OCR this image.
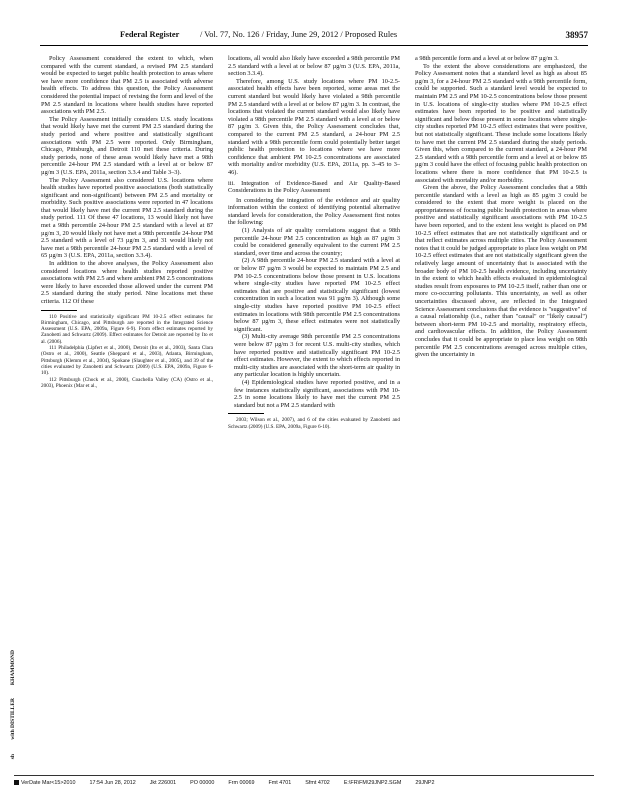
Federal Register / Vol. 77, No. 126 / Friday, June 29, 2012 / Proposed Rules	38957

Policy Assessment considered the extent to which, when compared with the current standard, a revised PM 2.5 standard would be expected to target public health protection to areas where we have more confidence that PM 2.5 is associated with adverse health effects. To address this question, the Policy Assessment considered the potential impact of revising the form and level of the PM 2.5 standard in locations where health studies have reported associations with PM 2.5.

The Policy Assessment initially considers U.S. study locations that would likely have met the current PM 2.5 standard during the study period and where positive and statistically significant associations with PM 2.5 were reported. Only Birmingham, Chicago, Pittsburgh, and Detroit 110 met these criteria. During study periods, none of these areas would likely have met a 98th percentile 24-hour PM 2.5 standard with a level at or below 87 µg/m 3 (U.S. EPA, 2011a, section 3.3.4 and Table 3–3).

The Policy Assessment also considered U.S. locations where health studies have reported positive associations (both statistically significant and non-significant) between PM 2.5 and mortality or morbidity. Such positive associations were reported in 47 locations that would likely have met the current PM 2.5 standard during the study period. 111 Of these 47 locations, 13 would likely not have met a 98th percentile 24-hour PM 2.5 standard with a level at 87 µg/m 3, 20 would likely not have met a 98th percentile 24-hour PM 2.5 standard with a level of 73 µg/m 3, and 31 would likely not have met a 98th percentile 24-hour PM 2.5 standard with a level of 65 µg/m 3 (U.S. EPA, 2011a, section 3.3.4).

In addition to the above analyses, the Policy Assessment also considered locations where health studies reported positive associations with PM 2.5 and where ambient PM 2.5 concentrations were likely to have exceeded those allowed under the current PM 2.5 standard during the study period. Nine locations met these criteria. 112 Of these

110 Positive and statistically significant PM 10-2.5 effect estimates for Birmingham, Chicago, and Pittsburgh are reported in the Integrated Science Assessment (U.S. EPA, 2009a, Figure 6-9). From effect estimates reported by Zanobetti and Schwartz (2009). Effect estimates for Detroit are reported by Ito et al. (2006).

111 Philadelphia (Lipfert et al., 2000), Detroit (Ito et al., 2003), Santa Clara (Ostro et al., 2000), Seattle (Sheppard et al., 2003), Atlanta, Birmingham, Pittsburgh (Klemm et al., 2004), Spokane (Slaughter et al., 2005), and 39 of the cities evaluated by Zanobetti and Schwartz (2009) (U.S. EPA, 2009a, Figure 6-10).

112 Pittsburgh (Chock et al., 2000), Coachella Valley (CA) (Ostro et al., 2003), Phoenix (Mar et al.,

locations, all would also likely have exceeded a 98th percentile PM 2.5 standard with a level at or below 87 µg/m 3 (U.S. EPA, 2011a, section 3.3.4).

Therefore, among U.S. study locations where PM 10-2.5-associated health effects have been reported, some areas met the current standard but would likely have violated a 98th percentile PM 2.5 standard with a level at or below 87 µg/m 3. In contrast, the locations that violated the current standard would also likely have violated a 98th percentile PM 2.5 standard with a level at or below 87 µg/m 3. Given this, the Policy Assessment concludes that, compared to the current PM 2.5 standard, a 24-hour PM 2.5 standard with a 98th percentile form could potentially better target public health protection to locations where we have more confidence that ambient PM 10-2.5 concentrations are associated with mortality and/or morbidity (U.S. EPA, 2011a, pp. 3–45 to 3–46).

iii. Integration of Evidence-Based and Air Quality-Based Considerations in the Policy Assessment

In considering the integration of the evidence and air quality information within the context of identifying potential alternative standard levels for consideration, the Policy Assessment first notes the following:

(1) Analysis of air quality correlations suggest that a 98th percentile 24-hour PM 2.5 concentration as high as 87 µg/m 3 could be considered generally equivalent to the current PM 2.5 standard, over time and across the country;

(2) A 98th percentile 24-hour PM 2.5 standard with a level at or below 87 µg/m 3 would be expected to maintain PM 2.5 and PM 10-2.5 concentrations below those present in U.S. locations where single-city studies have reported PM 10-2.5 effect estimates that are positive and statistically significant (lowest concentration in such a location was 91 µg/m 3). Although some single-city studies have reported positive PM 10-2.5 effect estimates in locations with 98th percentile PM 2.5 concentrations below 87 µg/m 3, these effect estimates were not statistically significant.

(3) Multi-city average 98th percentile PM 2.5 concentrations were below 87 µg/m 3 for recent U.S. multi-city studies, which have reported positive and statistically significant PM 10-2.5 effect estimates. However, the extent to which effects reported in multi-city studies are associated with the short-term air quality in any particular location is highly uncertain.

(4) Epidemiological studies have reported positive, and in a few instances statistically significant, associations with PM 10-2.5 in some locations likely to have met the current PM 2.5 standard but not a PM 2.5 standard with

2003; Wilson et al., 2007), and 6 of the cities evaluated by Zanobetti and Schwartz (2009) (U.S. EPA, 2009a, Figure 6-10).

a 98th percentile form and a level at or below 87 µg/m 3.

To the extent the above considerations are emphasized, the Policy Assessment notes that a standard level as high as about 85 µg/m 3, for a 24-hour PM 2.5 standard with a 98th percentile form, could be supported. Such a standard level would be expected to maintain PM 2.5 and PM 10-2.5 concentrations below those present in U.S. locations of single-city studies where PM 10-2.5 effect estimates have been reported to be positive and statistically significant and below those present in some locations where single-city studies reported PM 10-2.5 effect estimates that were positive, but not statistically significant. These include some locations likely to have met the current PM 2.5 standard during the study periods. Given this, when compared to the current standard, a 24-hour PM 2.5 standard with a 98th percentile form and a level at or below 85 µg/m 3 could have the effect of focusing public health protection on locations where there is more confidence that PM 10-2.5 is associated with mortality and/or morbidity.

Given the above, the Policy Assessment concludes that a 98th percentile standard with a level as high as 85 µg/m 3 could be considered to the extent that more weight is placed on the appropriateness of focusing public health protection in areas where positive and statistically significant associations with PM 10-2.5 have been reported, and to the extent less weight is placed on PM 10-2.5 effect estimates that are not statistically significant and or that reflect estimates across multiple cities. The Policy Assessment notes that it could be judged appropriate to place less weight on PM 10-2.5 effect estimates that are not statistically significant given the relatively large amount of uncertainty that is associated with the broader body of PM 10-2.5 health evidence, including uncertainty in the extent to which health effects evaluated in epidemiological studies result from exposures to PM 10-2.5 itself, rather than one or more co-occurring pollutants. This uncertainty, as well as other uncertainties discussed above, are reflected in the Integrated Science Assessment conclusions that the evidence is "suggestive" of a causal relationship (i.e., rather than "causal" or "likely causal") between short-term PM 10-2.5 and mortality, respiratory effects, and cardiovascular effects. In addition, the Policy Assessment concludes that it could be appropriate to place less weight on 98th percentile PM 2.5 concentrations averaged across multiple cities, given the uncertainty in

KHAMMOND
with DISTILLER
sh
VerDate Mar<15>2010	17:54 Jun 28, 2012	Jkt 226001	PO 00000	Frm 00069	Fmt 4701	Sfmt 4702	E:\FR\FM\29JNP2.SGM	29JNP2
